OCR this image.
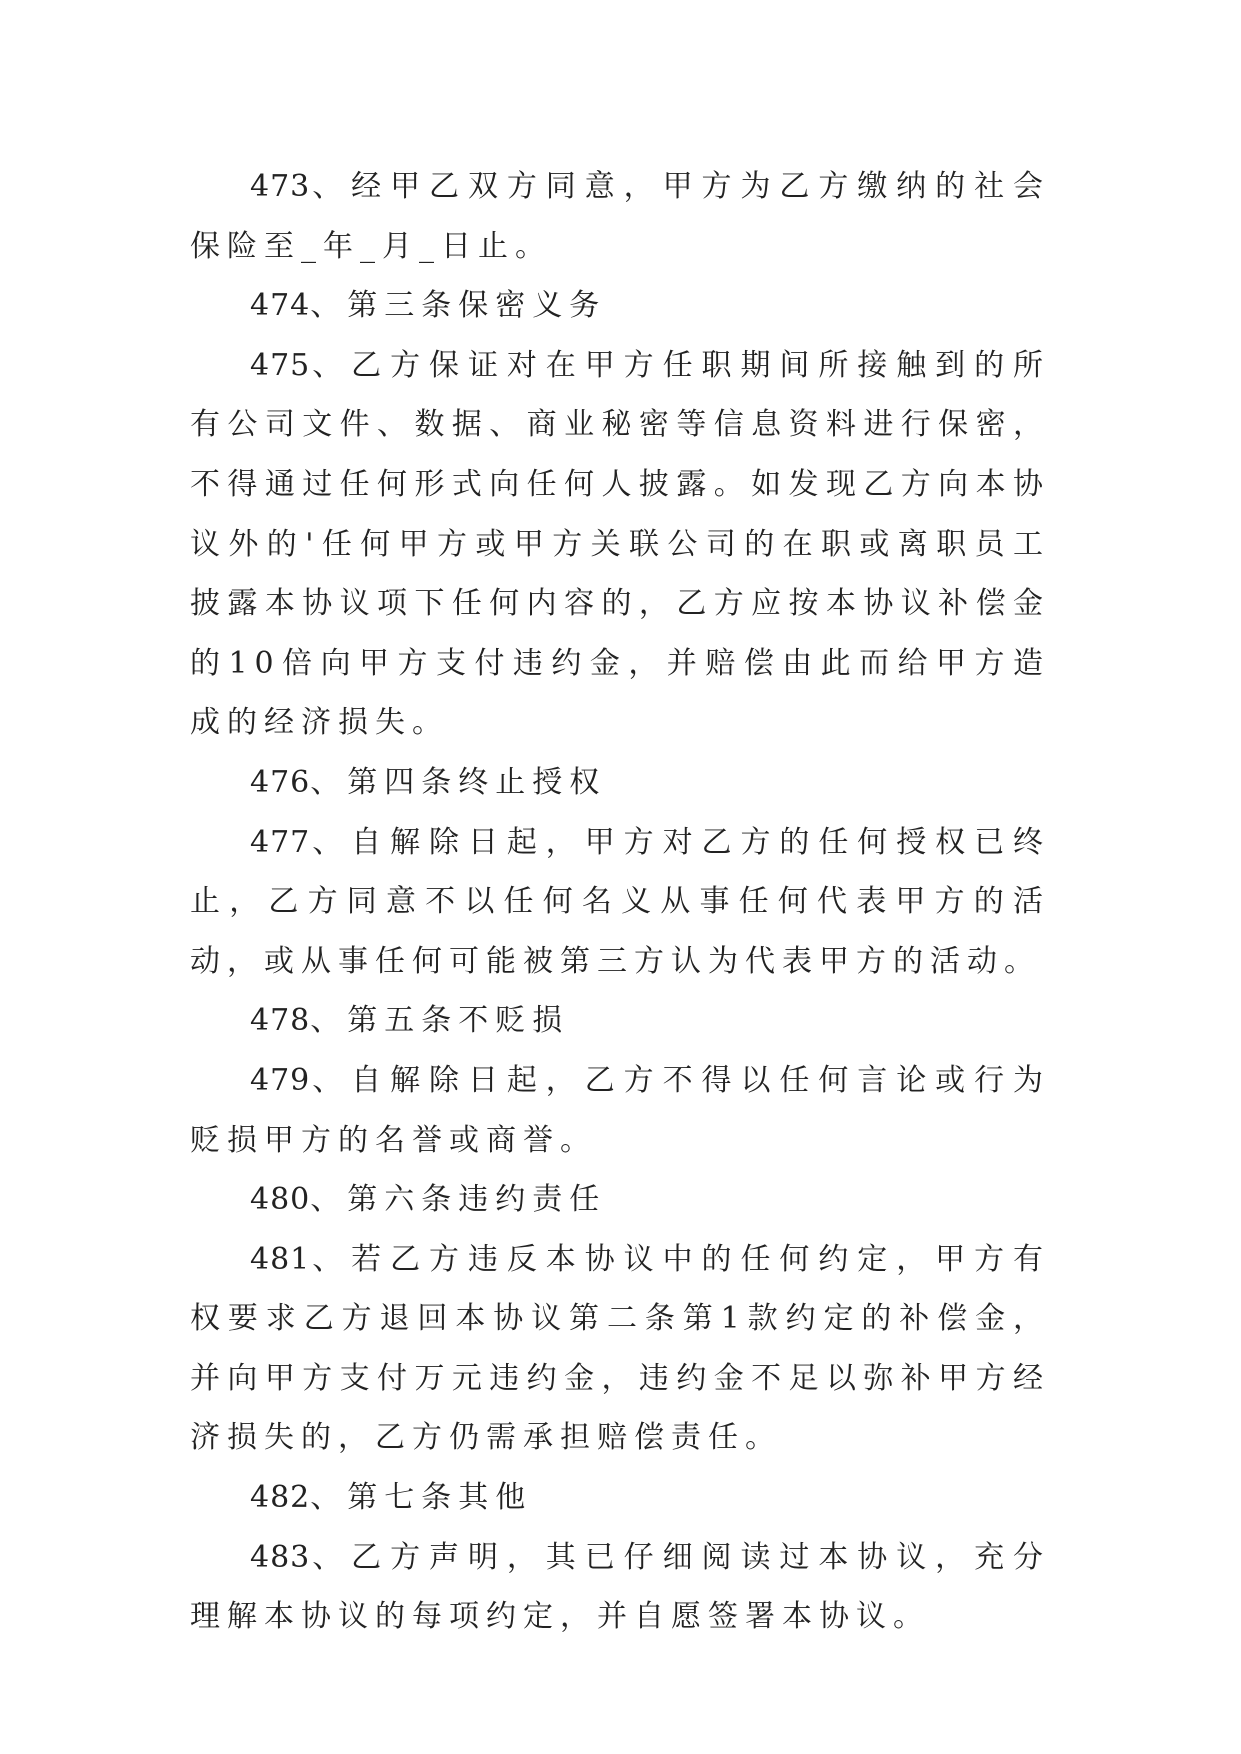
473、经甲乙双方同意，甲方为乙方缴纳的社会保险至_年_月_日止。

474、第三条保密义务

475、乙方保证对在甲方任职期间所接触到的所有公司文件、数据、商业秘密等信息资料进行保密，不得通过任何形式向任何人披露。如发现乙方向本协议外的'任何甲方或甲方关联公司的在职或离职员工披露本协议项下任何内容的，乙方应按本协议补偿金的10倍向甲方支付违约金，并赔偿由此而给甲方造成的经济损失。

476、第四条终止授权

477、自解除日起，甲方对乙方的任何授权已终止，乙方同意不以任何名义从事任何代表甲方的活动，或从事任何可能被第三方认为代表甲方的活动。

478、第五条不贬损

479、自解除日起，乙方不得以任何言论或行为贬损甲方的名誉或商誉。

480、第六条违约责任

481、若乙方违反本协议中的任何约定，甲方有权要求乙方退回本协议第二条第1款约定的补偿金，并向甲方支付万元违约金，违约金不足以弥补甲方经济损失的，乙方仍需承担赔偿责任。

482、第七条其他

483、乙方声明，其已仔细阅读过本协议，充分理解本协议的每项约定，并自愿签署本协议。
